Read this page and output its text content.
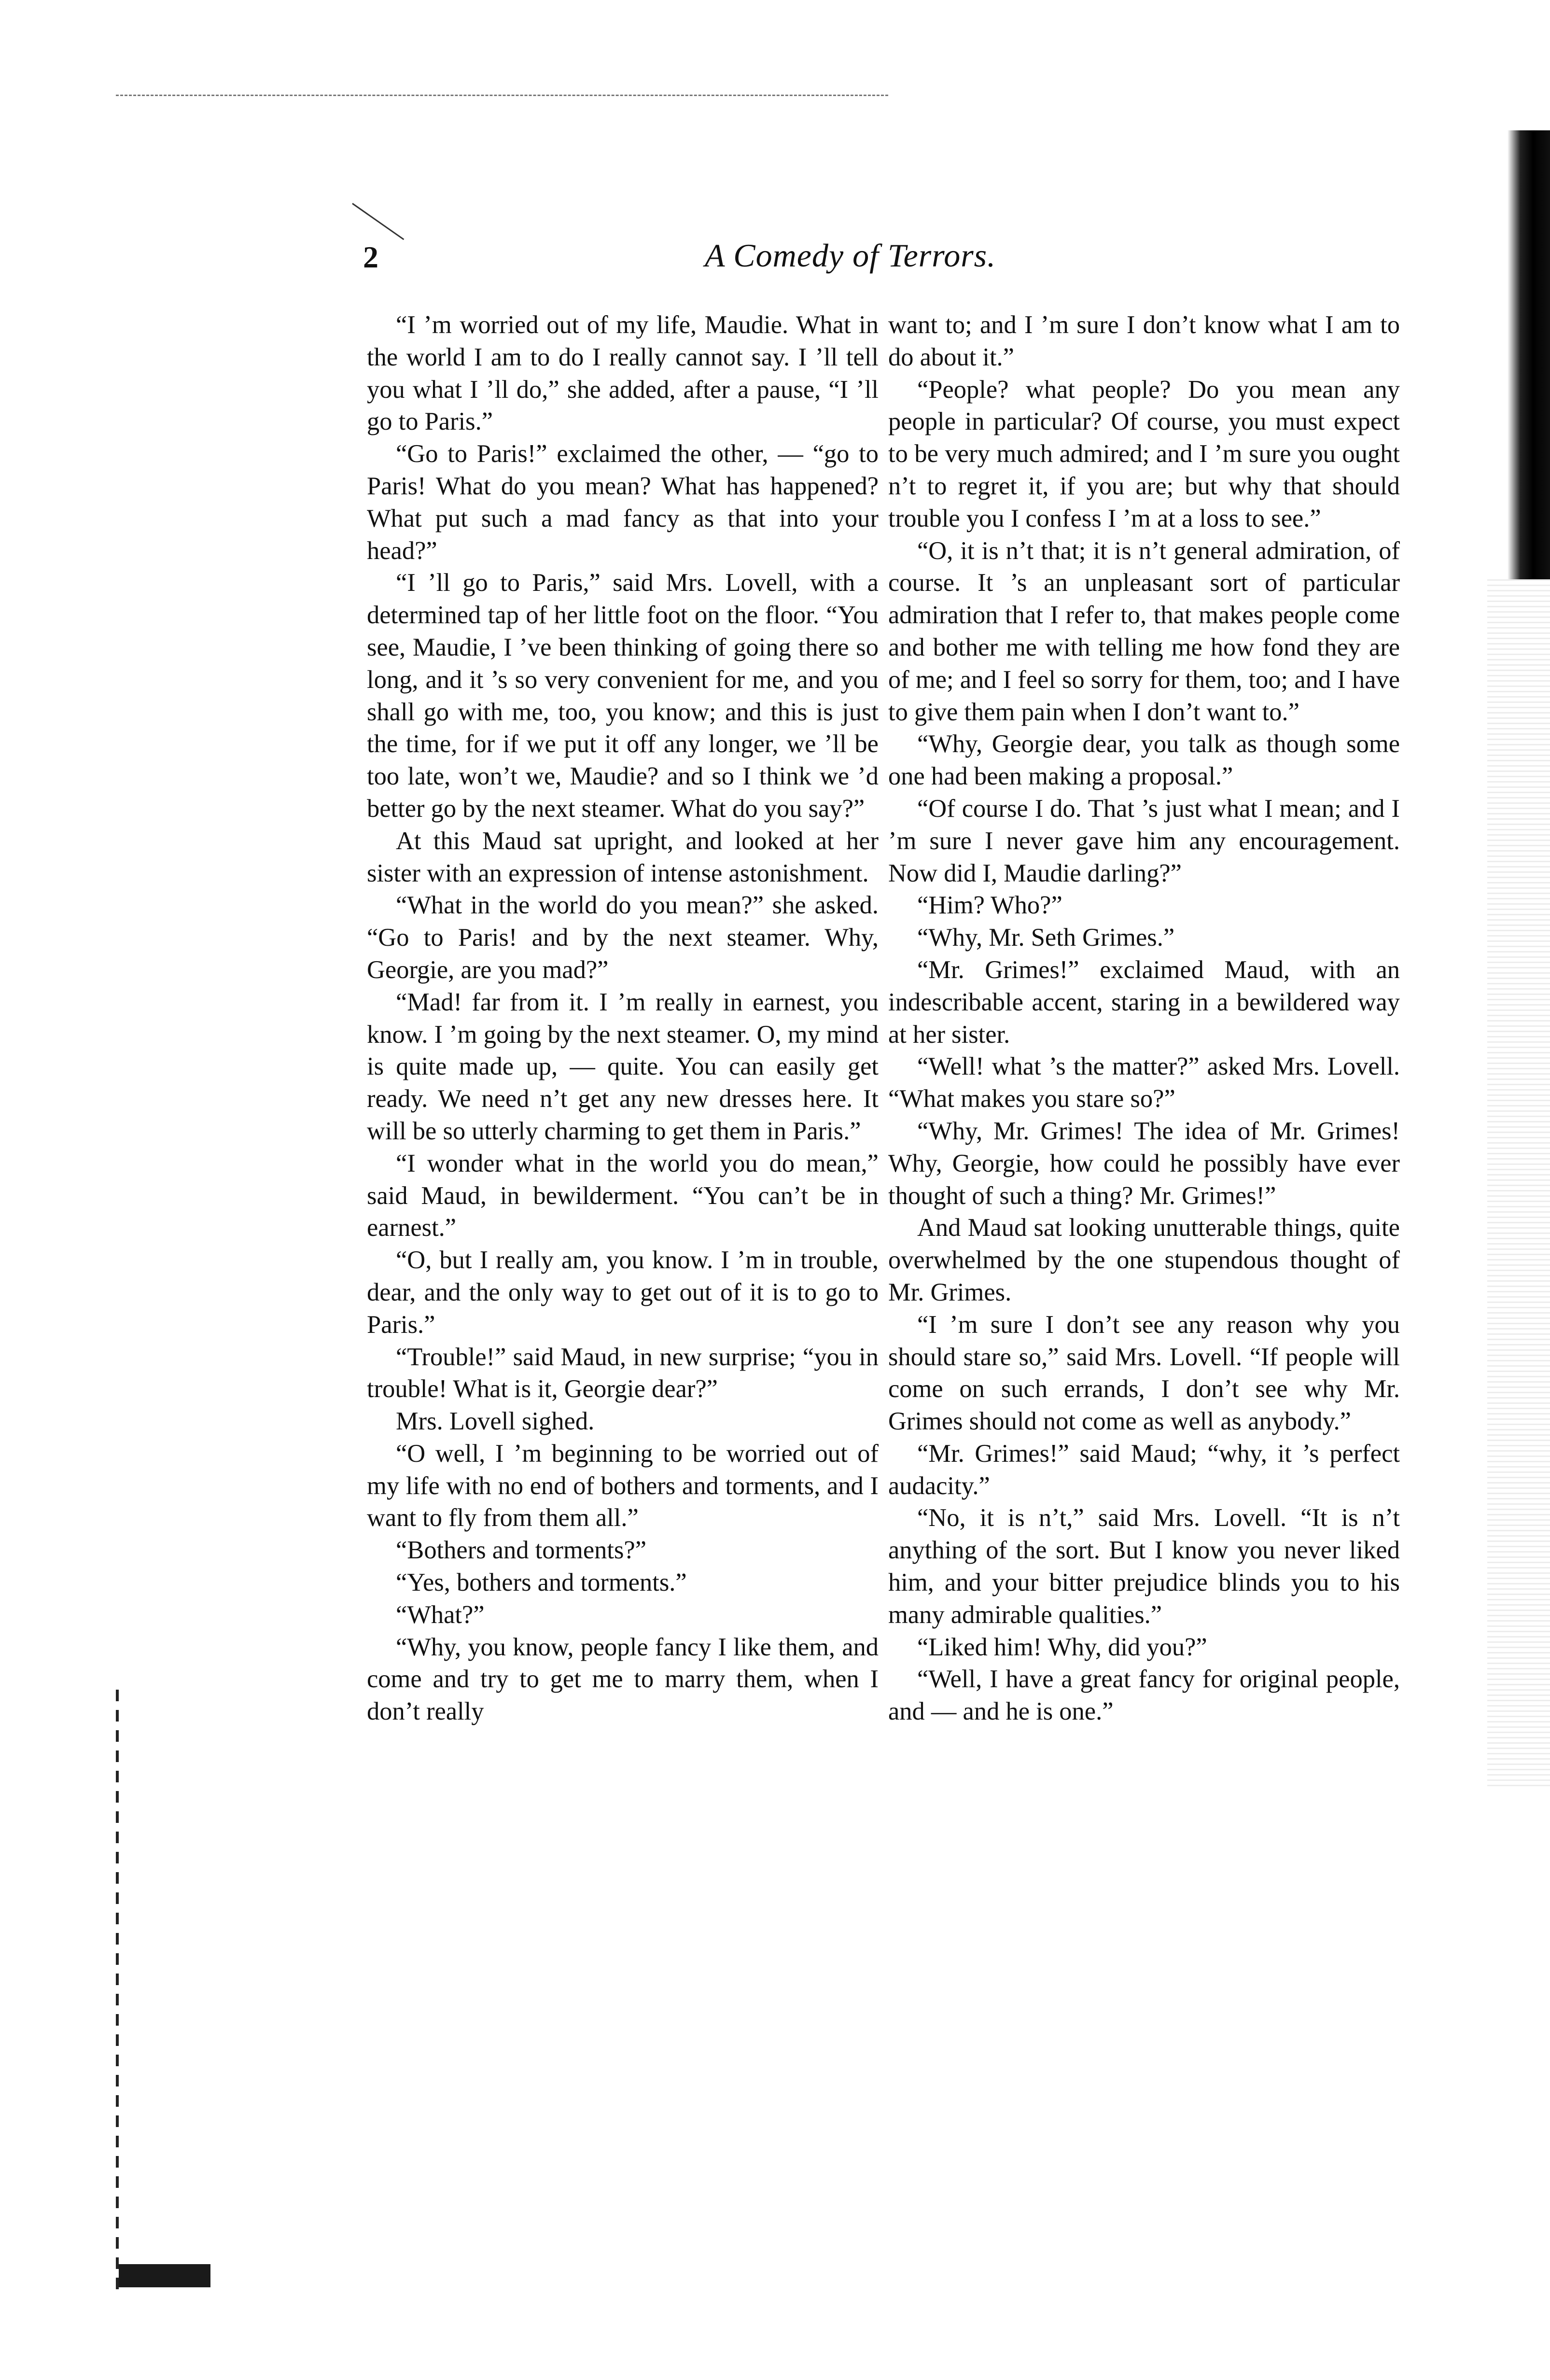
2	A Comedy of Terrors.

“I ’m worried out of my life, Maudie. What in the world I am to do I really cannot say. I ’ll tell you what I ’ll do,” she added, after a pause, “I ’ll go to Paris.”

“Go to Paris!” exclaimed the other, — “go to Paris! What do you mean? What has happened? What put such a mad fancy as that into your head?”

“I ’ll go to Paris,” said Mrs. Lovell, with a determined tap of her little foot on the floor. “You see, Maudie, I ’ve been thinking of going there so long, and it ’s so very convenient for me, and you shall go with me, too, you know; and this is just the time, for if we put it off any longer, we ’ll be too late, won’t we, Maudie? and so I think we ’d better go by the next steamer. What do you say?”

At this Maud sat upright, and looked at her sister with an expression of intense astonishment.

“What in the world do you mean?” she asked. “Go to Paris! and by the next steamer. Why, Georgie, are you mad?”

“Mad! far from it. I ’m really in earnest, you know. I ’m going by the next steamer. O, my mind is quite made up, — quite. You can easily get ready. We need n’t get any new dresses here. It will be so utterly charming to get them in Paris.”

“I wonder what in the world you do mean,” said Maud, in bewilderment. “You can’t be in earnest.”

“O, but I really am, you know. I ’m in trouble, dear, and the only way to get out of it is to go to Paris.”

“Trouble!” said Maud, in new surprise; “you in trouble! What is it, Georgie dear?”

Mrs. Lovell sighed.

“O well, I ’m beginning to be worried out of my life with no end of bothers and torments, and I want to fly from them all.”

“Bothers and torments?”

“Yes, bothers and torments.”

“What?”

“Why, you know, people fancy I like them, and come and try to get me to marry them, when I don’t really

want to; and I ’m sure I don’t know what I am to do about it.”

“People? what people? Do you mean any people in particular? Of course, you must expect to be very much admired; and I ’m sure you ought n’t to regret it, if you are; but why that should trouble you I confess I ’m at a loss to see.”

“O, it is n’t that; it is n’t general admiration, of course. It ’s an unpleasant sort of particular admiration that I refer to, that makes people come and bother me with telling me how fond they are of me; and I feel so sorry for them, too; and I have to give them pain when I don’t want to.”

“Why, Georgie dear, you talk as though some one had been making a proposal.”

“Of course I do. That ’s just what I mean; and I ’m sure I never gave him any encouragement. Now did I, Maudie darling?”

“Him? Who?”

“Why, Mr. Seth Grimes.”

“Mr. Grimes!” exclaimed Maud, with an indescribable accent, staring in a bewildered way at her sister.

“Well! what ’s the matter?” asked Mrs. Lovell. “What makes you stare so?”

“Why, Mr. Grimes! The idea of Mr. Grimes! Why, Georgie, how could he possibly have ever thought of such a thing? Mr. Grimes!”

And Maud sat looking unutterable things, quite overwhelmed by the one stupendous thought of Mr. Grimes.

“I ’m sure I don’t see any reason why you should stare so,” said Mrs. Lovell. “If people will come on such errands, I don’t see why Mr. Grimes should not come as well as anybody.”

“Mr. Grimes!” said Maud; “why, it ’s perfect audacity.”

“No, it is n’t,” said Mrs. Lovell. “It is n’t anything of the sort. But I know you never liked him, and your bitter prejudice blinds you to his many admirable qualities.”

“Liked him! Why, did you?”

“Well, I have a great fancy for original people, and — and he is one.”
